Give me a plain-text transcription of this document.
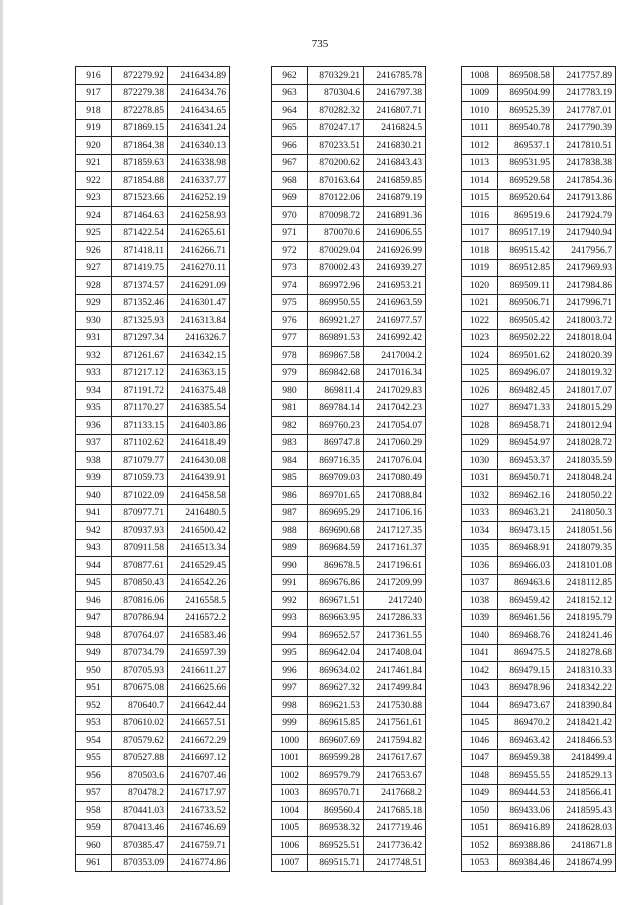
735
916	872279.92	2416434.89
917	872279.38	2416434.76
918	872278.85	2416434.65
919	871869.15	2416341.24
920	871864.38	2416340.13
921	871859.63	2416338.98
922	871854.88	2416337.77
923	871523.66	2416252.19
924	871464.63	2416258.93
925	871422.54	2416265.61
926	871418.11	2416266.71
927	871419.75	2416270.11
928	871374.57	2416291.09
929	871352.46	2416301.47
930	871325.93	2416313.84
931	871297.34	2416326.7
932	871261.67	2416342.15
933	871217.12	2416363.15
934	871191.72	2416375.48
935	871170.27	2416385.54
936	871133.15	2416403.86
937	871102.62	2416418.49
938	871079.77	2416430.08
939	871059.73	2416439.91
940	871022.09	2416458.58
941	870977.71	2416480.5
942	870937.93	2416500.42
943	870911.58	2416513.34
944	870877.61	2416529.45
945	870850.43	2416542.26
946	870816.06	2416558.5
947	870786.94	2416572.2
948	870764.07	2416583.46
949	870734.79	2416597.39
950	870705.93	2416611.27
951	870675.08	2416625.66
952	870640.7	2416642.44
953	870610.02	2416657.51
954	870579.62	2416672.29
955	870527.88	2416697.12
956	870503.6	2416707.46
957	870478.2	2416717.97
958	870441.03	2416733.52
959	870413.46	2416746.69
960	870385.47	2416759.71
961	870353.09	2416774.86
962	870329.21	2416785.78
963	870304.6	2416797.38
964	870282.32	2416807.71
965	870247.17	2416824.5
966	870233.51	2416830.21
967	870200.62	2416843.43
968	870163.64	2416859.85
969	870122.06	2416879.19
970	870098.72	2416891.36
971	870070.6	2416906.55
972	870029.04	2416926.99
973	870002.43	2416939.27
974	869972.96	2416953.21
975	869950.55	2416963.59
976	869921.27	2416977.57
977	869891.53	2416992.42
978	869867.58	2417004.2
979	869842.68	2417016.34
980	869811.4	2417029.83
981	869784.14	2417042.23
982	869760.23	2417054.07
983	869747.8	2417060.29
984	869716.35	2417076.04
985	869709.03	2417080.49
986	869701.65	2417088.84
987	869695.29	2417106.16
988	869690.68	2417127.35
989	869684.59	2417161.37
990	869678.5	2417196.61
991	869676.86	2417209.99
992	869671.51	2417240
993	869663.95	2417286.33
994	869652.57	2417361.55
995	869642.04	2417408.04
996	869634.02	2417461.84
997	869627.32	2417499.84
998	869621.53	2417530.88
999	869615.85	2417561.61
1000	869607.69	2417594.82
1001	869599.28	2417617.67
1002	869579.79	2417653.67
1003	869570.71	2417668.2
1004	869560.4	2417685.18
1005	869538.32	2417719.46
1006	869525.51	2417736.42
1007	869515.71	2417748.51
1008	869508.58	2417757.89
1009	869504.99	2417783.19
1010	869525.39	2417787.01
1011	869540.78	2417790.39
1012	869537.1	2417810.51
1013	869531.95	2417838.38
1014	869529.58	2417854.36
1015	869520.64	2417913.86
1016	869519.6	2417924.79
1017	869517.19	2417940.94
1018	869515.42	2417956.7
1019	869512.85	2417969.93
1020	869509.11	2417984.86
1021	869506.71	2417996.71
1022	869505.42	2418003.72
1023	869502.22	2418018.04
1024	869501.62	2418020.39
1025	869496.07	2418019.32
1026	869482.45	2418017.07
1027	869471.33	2418015.29
1028	869458.71	2418012.94
1029	869454.97	2418028.72
1030	869453.37	2418035.59
1031	869450.71	2418048.24
1032	869462.16	2418050.22
1033	869463.21	2418050.3
1034	869473.15	2418051.56
1035	869468.91	2418079.35
1036	869466.03	2418101.08
1037	869463.6	2418112.85
1038	869459.42	2418152.12
1039	869461.56	2418195.79
1040	869468.76	2418241.46
1041	869475.5	2418278.68
1042	869479.15	2418310.33
1043	869478.96	2418342.22
1044	869473.67	2418390.84
1045	869470.2	2418421.42
1046	869463.42	2418466.53
1047	869459.38	2418499.4
1048	869455.55	2418529.13
1049	869444.53	2418566.41
1050	869433.06	2418595.43
1051	869416.89	2418628.03
1052	869388.86	2418671.8
1053	869384.46	2418674.99
